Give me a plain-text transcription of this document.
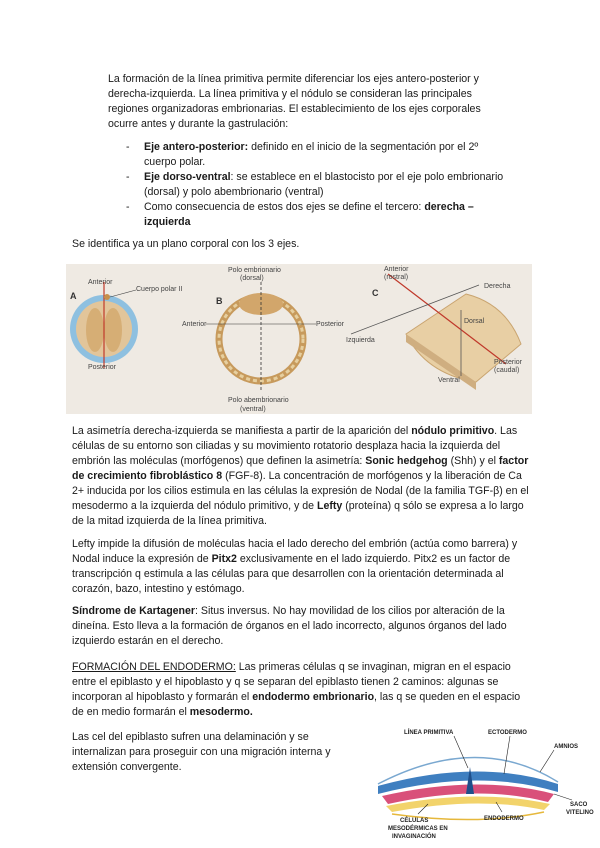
La formación de la línea primitiva permite diferenciar los ejes antero-posterior y derecha-izquierda. La línea primitiva y el nódulo se consideran las principales regiones organizadoras embrionarias. El establecimiento de los ejes corporales ocurre antes y durante la gastrulación:

- Eje antero-posterior: definido en el inicio de la segmentación por el 2º cuerpo polar.
- Eje dorso-ventral: se establece en el blastocisto por el eje polo embrionario (dorsal) y polo abembrionario (ventral)
- Como consecuencia de estos dos ejes se define el tercero: derecha – izquierda

Se identifica ya un plano corporal con los 3 ejes.

A
Anterior
Cuerpo polar II
Posterior
B
Polo embrionario
(dorsal)
Anterior	Posterior
Polo abembrionario
(ventral)
C
Anterior
(rostral)
Derecha
Dorsal
Izquierda
Posterior
(caudal)
Ventral

La asimetría derecha-izquierda se manifiesta a partir de la aparición del nódulo primitivo. Las células de su entorno son ciliadas y su movimiento rotatorio desplaza hacia la izquierda del embrión las moléculas (morfógenos) que definen la asimetría: Sonic hedgehog (Shh) y el factor de crecimiento fibroblástico 8 (FGF-8). La concentración de morfógenos y la liberación de Ca 2+ inducida por los cilios estimula en las células la expresión de Nodal (de la familia TGF-β) en el mesodermo a la izquierda del nódulo primitivo, y de Lefty (proteína) q sólo se expresa a lo largo de la mitad izquierda de la línea primitiva.

Lefty impide la difusión de moléculas hacia el lado derecho del embrión (actúa como barrera) y Nodal induce la expresión de Pitx2 exclusivamente en el lado izquierdo. Pitx2 es un factor de transcripción q estimula a las células para que desarrollen con la orientación determinada al corazón, bazo, intestino y estómago.

Síndrome de Kartagener: Situs inversus. No hay movilidad de los cilios por alteración de la dineína. Esto lleva a la formación de órganos en el lado incorrecto, algunos órganos del lado izquierdo estarán en el derecho.

FORMACIÓN DEL ENDODERMO: Las primeras células q se invaginan, migran en el espacio entre el epiblasto y el hipoblasto y q se separan del epiblasto tienen 2 caminos: algunas se incorporan al hipoblasto y formarán el endodermo embrionario, las q se queden en el espacio de en medio formarán el mesodermo.

Las cel del epiblasto sufren una delaminación y se internalizan para proseguir con una migración interna y extensión convergente.

LÍNEA PRIMITIVA	ECTODERMO
AMNIOS
SACO
VITELINO
CÉLULAS
MESODÉRMICAS EN
INVAGINACIÓN
ENDODERMO
